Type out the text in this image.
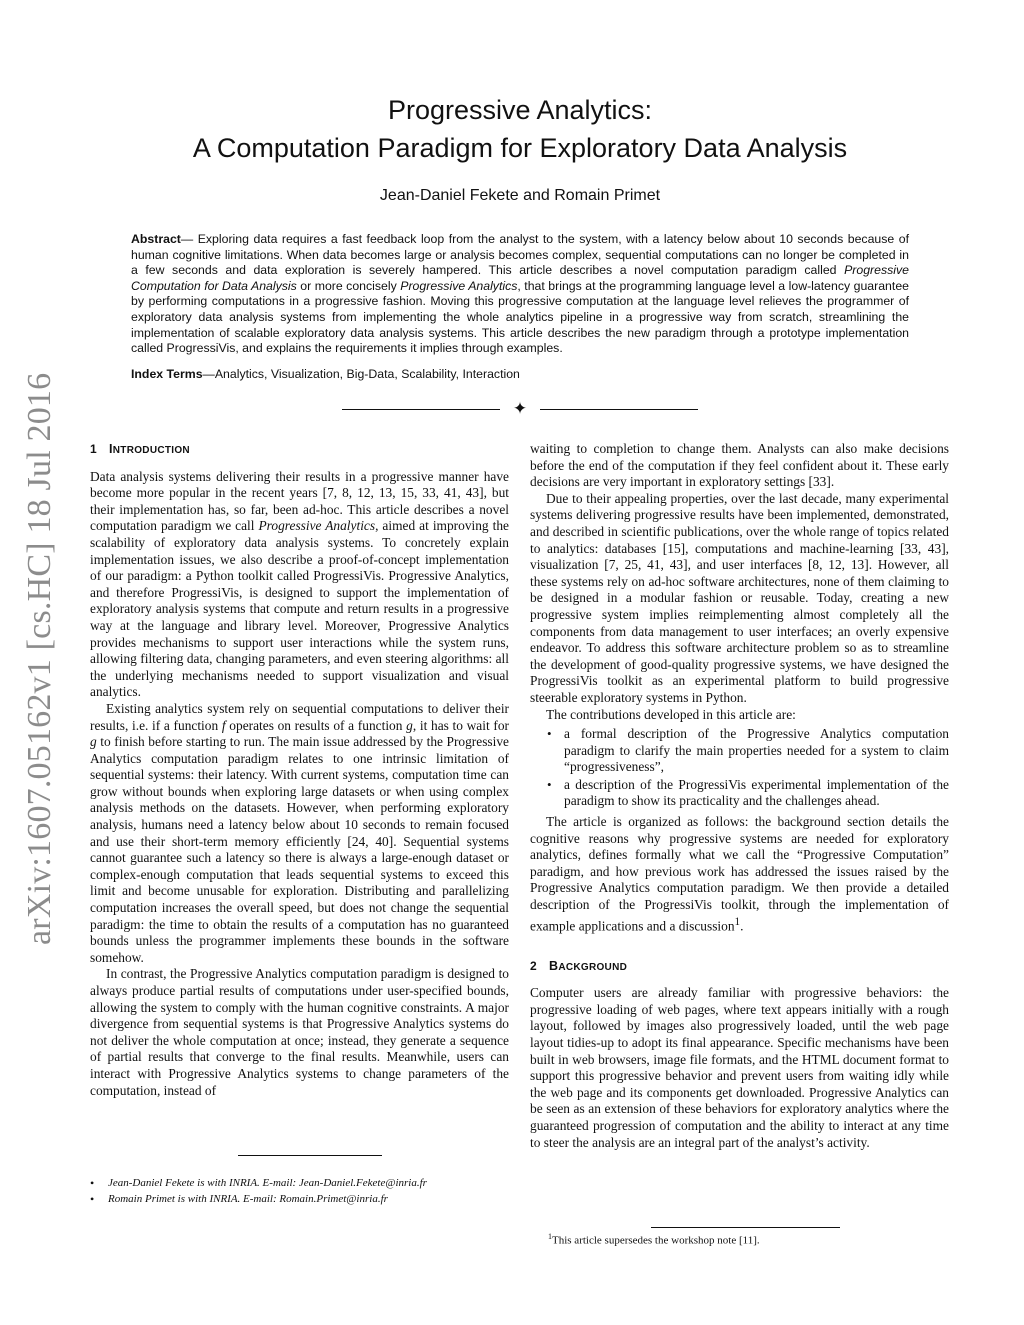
arXiv:1607.05162v1 [cs.HC] 18 Jul 2016
Progressive Analytics:
A Computation Paradigm for Exploratory Data Analysis
Jean-Daniel Fekete and Romain Primet
Abstract— Exploring data requires a fast feedback loop from the analyst to the system, with a latency below about 10 seconds because of human cognitive limitations. When data becomes large or analysis becomes complex, sequential computations can no longer be completed in a few seconds and data exploration is severely hampered. This article describes a novel computation paradigm called Progressive Computation for Data Analysis or more concisely Progressive Analytics, that brings at the programming language level a low-latency guarantee by performing computations in a progressive fashion. Moving this progressive computation at the language level relieves the programmer of exploratory data analysis systems from implementing the whole analytics pipeline in a progressive way from scratch, streamlining the implementation of scalable exploratory data analysis systems. This article describes the new paradigm through a prototype implementation called ProgressiVis, and explains the requirements it implies through examples.
Index Terms—Analytics, Visualization, Big-Data, Scalability, Interaction
✦
1 INTRODUCTION

Data analysis systems delivering their results in a progressive manner have become more popular in the recent years [7, 8, 12, 13, 15, 33, 41, 43], but their implementation has, so far, been ad-hoc. This article describes a novel computation paradigm we call Progressive Analytics, aimed at improving the scalability of exploratory data analysis systems. To concretely explain implementation issues, we also describe a proof-of-concept implementation of our paradigm: a Python toolkit called ProgressiVis. Progressive Analytics, and therefore ProgressiVis, is designed to support the implementation of exploratory analysis systems that compute and return results in a progressive way at the language and library level. Moreover, Progressive Analytics provides mechanisms to support user interactions while the system runs, allowing filtering data, changing parameters, and even steering algorithms: all the underlying mechanisms needed to support visualization and visual analytics.

Existing analytics system rely on sequential computations to deliver their results, i.e. if a function f operates on results of a function g, it has to wait for g to finish before starting to run. The main issue addressed by the Progressive Analytics computation paradigm relates to one intrinsic limitation of sequential systems: their latency. With current systems, computation time can grow without bounds when exploring large datasets or when using complex analysis methods on the datasets. However, when performing exploratory analysis, humans need a latency below about 10 seconds to remain focused and use their short-term memory efficiently [24, 40]. Sequential systems cannot guarantee such a latency so there is always a large-enough dataset or complex-enough computation that leads sequential systems to exceed this limit and become unusable for exploration. Distributing and parallelizing computation increases the overall speed, but does not change the sequential paradigm: the time to obtain the results of a computation has no guaranteed bounds unless the programmer implements these bounds in the software somehow.

In contrast, the Progressive Analytics computation paradigm is designed to always produce partial results of computations under user-specified bounds, allowing the system to comply with the human cognitive constraints. A major divergence from sequential systems is that Progressive Analytics systems do not deliver the whole computation at once; instead, they generate a sequence of partial results that converge to the final results. Meanwhile, users can interact with Progressive Analytics systems to change parameters of the computation, instead of

• Jean-Daniel Fekete is with INRIA. E-mail: Jean-Daniel.Fekete@inria.fr
• Romain Primet is with INRIA. E-mail: Romain.Primet@inria.fr

waiting to completion to change them. Analysts can also make decisions before the end of the computation if they feel confident about it. These early decisions are very important in exploratory settings [33].

Due to their appealing properties, over the last decade, many experimental systems delivering progressive results have been implemented, demonstrated, and described in scientific publications, over the whole range of topics related to analytics: databases [15], computations and machine-learning [33, 43], visualization [7, 25, 41, 43], and user interfaces [8, 12, 13]. However, all these systems rely on ad-hoc software architectures, none of them claiming to be designed in a modular fashion or reusable. Today, creating a new progressive system implies reimplementing almost completely all the components from data management to user interfaces; an overly expensive endeavor. To address this software architecture problem so as to streamline the development of good-quality progressive systems, we have designed the ProgressiVis toolkit as an experimental platform to build progressive steerable exploratory systems in Python.

The contributions developed in this article are:

• a formal description of the Progressive Analytics computation paradigm to clarify the main properties needed for a system to claim “progressiveness”,
• a description of the ProgressiVis experimental implementation of the paradigm to show its practicality and the challenges ahead.

The article is organized as follows: the background section details the cognitive reasons why progressive systems are needed for exploratory analytics, defines formally what we call the “Progressive Computation” paradigm, and how previous work has addressed the issues raised by the Progressive Analytics computation paradigm. We then provide a detailed description of the ProgressiVis toolkit, through the implementation of example applications and a discussion$^1$.

2 BACKGROUND

Computer users are already familiar with progressive behaviors: the progressive loading of web pages, where text appears initially with a rough layout, followed by images also progressively loaded, until the web page layout tidies-up to adopt its final appearance. Specific mechanisms have been built in web browsers, image file formats, and the HTML document format to support this progressive behavior and prevent users from waiting idly while the web page and its components get downloaded. Progressive Analytics can be seen as an extension of these behaviors for exploratory analytics where the guaranteed progression of computation and the ability to interact at any time to steer the analysis are an integral part of the analyst’s activity.

$^1$This article supersedes the workshop note [11].
